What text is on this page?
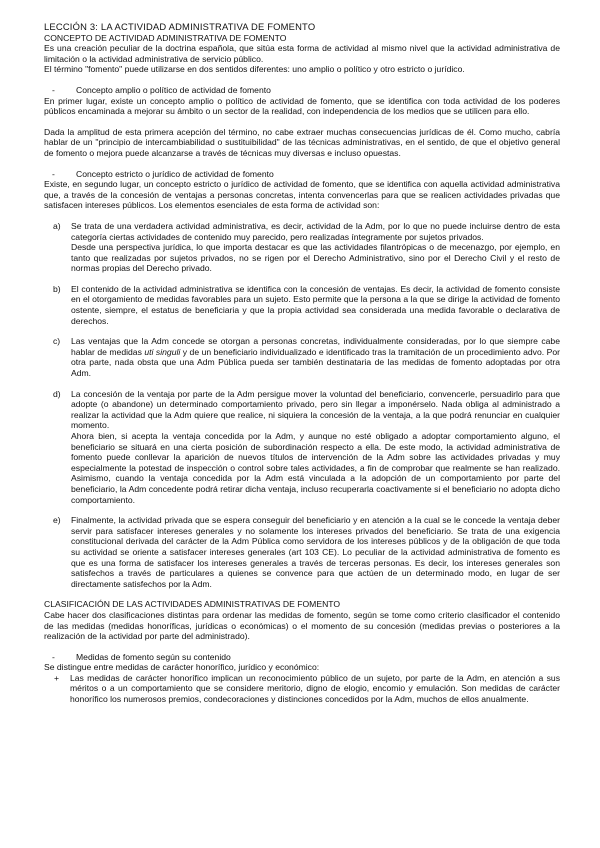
LECCIÓN 3: LA ACTIVIDAD ADMINISTRATIVA DE FOMENTO

CONCEPTO DE ACTIVIDAD ADMINISTRATIVA DE FOMENTO

Es una creación peculiar de la doctrina española, que sitúa esta forma de actividad al mismo nivel que la actividad administrativa de limitación o la actividad administrativa de servicio público.

El término "fomento" puede utilizarse en dos sentidos diferentes: uno amplio o político y otro estricto o jurídico.

-	Concepto amplio o político de actividad de fomento

En primer lugar, existe un concepto amplio o político de actividad de fomento, que se identifica con toda actividad de los poderes públicos encaminada a mejorar su ámbito o un sector de la realidad, con independencia de los medios que se utilicen para ello.

Dada la amplitud de esta primera acepción del término, no cabe extraer muchas consecuencias jurídicas de él. Como mucho, cabría hablar de un "principio de intercambiabilidad o sustituibilidad" de las técnicas administrativas, en el sentido, de que el objetivo general de fomento o mejora puede alcanzarse a través de técnicas muy diversas e incluso opuestas.

-	Concepto estricto o jurídico de actividad de fomento

Existe, en segundo lugar, un concepto estricto o jurídico de actividad de fomento, que se identifica con aquella actividad administrativa que, a través de la concesión de ventajas a personas concretas, intenta convencerlas para que se realicen actividades privadas que satisfacen intereses públicos. Los elementos esenciales de esta forma de actividad son:

a)	Se trata de una verdadera actividad administrativa, es decir, actividad de la Adm, por lo que no puede incluirse dentro de esta categoría ciertas actividades de contenido muy parecido, pero realizadas íntegramente por sujetos privados.

Desde una perspectiva jurídica, lo que importa destacar es que las actividades filantrópicas o de mecenazgo, por ejemplo, en tanto que realizadas por sujetos privados, no se rigen por el Derecho Administrativo, sino por el Derecho Civil y el resto de normas propias del Derecho privado.

b)	El contenido de la actividad administrativa se identifica con la concesión de ventajas. Es decir, la actividad de fomento consiste en el otorgamiento de medidas favorables para un sujeto. Esto permite que la persona a la que se dirige la actividad de fomento ostente, siempre, el estatus de beneficiaria y que la propia actividad sea considerada una medida favorable o declarativa de derechos.

c)	Las ventajas que la Adm concede se otorgan a personas concretas, individualmente consideradas, por lo que siempre cabe hablar de medidas uti singuli y de un beneficiario individualizado e identificado tras la tramitación de un procedimiento advo. Por otra parte, nada obsta que una Adm Pública pueda ser también destinataria de las medidas de fomento adoptadas por otra Adm.

d)	La concesión de la ventaja por parte de la Adm persigue mover la voluntad del beneficiario, convencerle, persuadirlo para que adopte (o abandone) un determinado comportamiento privado, pero sin llegar a imponérselo. Nada obliga al administrado a realizar la actividad que la Adm quiere que realice, ni siquiera la concesión de la ventaja, a la que podrá renunciar en cualquier momento.

Ahora bien, si acepta la ventaja concedida por la Adm, y aunque no esté obligado a adoptar comportamiento alguno, el beneficiario se situará en una cierta posición de subordinación respecto a ella. De este modo, la actividad administrativa de fomento puede conllevar la aparición de nuevos títulos de intervención de la Adm sobre las actividades privadas y muy especialmente la potestad de inspección o control sobre tales actividades, a fin de comprobar que realmente se han realizado. Asimismo, cuando la ventaja concedida por la Adm está vinculada a la adopción de un comportamiento por parte del beneficiario, la Adm concedente podrá retirar dicha ventaja, incluso recuperarla coactivamente si el beneficiario no adopta dicho comportamiento.

e)	Finalmente, la actividad privada que se espera conseguir del beneficiario y en atención a la cual se le concede la ventaja deber servir para satisfacer intereses generales y no solamente los intereses privados del beneficiario. Se trata de una exigencia constitucional derivada del carácter de la Adm Pública como servidora de los intereses públicos y de la obligación de que toda su actividad se oriente a satisfacer intereses generales (art 103 CE). Lo peculiar de la actividad administrativa de fomento es que es una forma de satisfacer los intereses generales a través de terceras personas. Es decir, los intereses generales son satisfechos a través de particulares a quienes se convence para que actúen de un determinado modo, en lugar de ser directamente satisfechos por la Adm.

CLASIFICACIÓN DE LAS ACTIVIDADES ADMINISTRATIVAS DE FOMENTO

Cabe hacer dos clasificaciones distintas para ordenar las medidas de fomento, según se tome como criterio clasificador el contenido de las medidas (medidas honoríficas, jurídicas o económicas) o el momento de su concesión (medidas previas o posteriores a la realización de la actividad por parte del administrado).

-	Medidas de fomento según su contenido

Se distingue entre medidas de carácter honorífico, jurídico y económico:

+	Las medidas de carácter honorífico implican un reconocimiento público de un sujeto, por parte de la Adm, en atención a sus méritos o a un comportamiento que se considere meritorio, digno de elogio, encomio y emulación. Son medidas de carácter honorífico los numerosos premios, condecoraciones y distinciones concedidos por la Adm, muchos de ellos anualmente.
